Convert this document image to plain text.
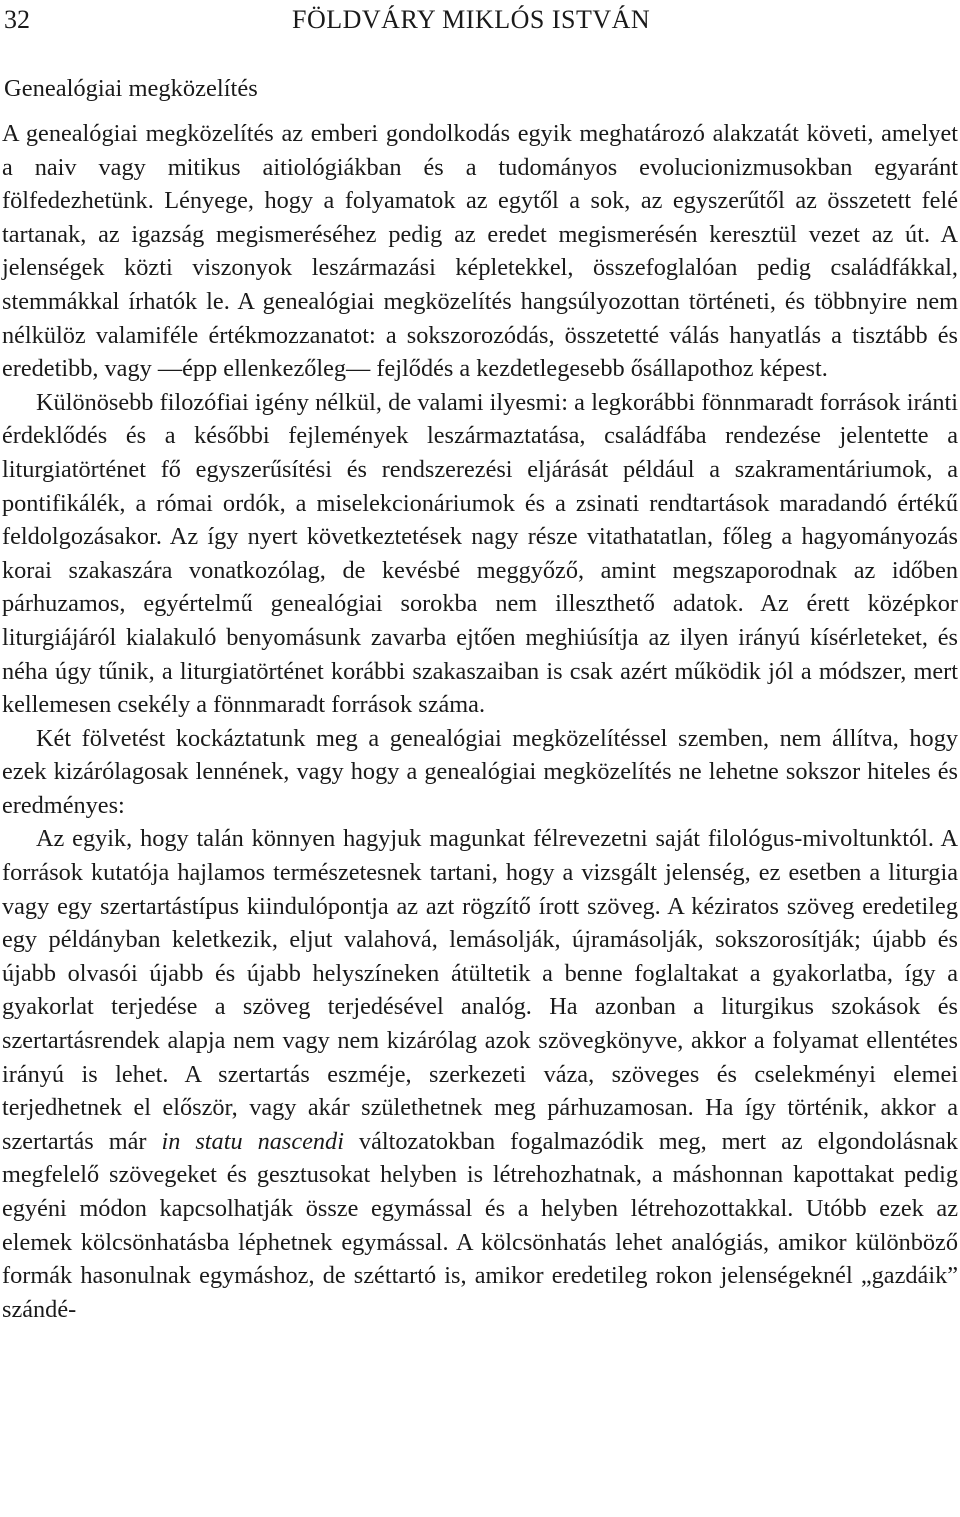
32	FÖLDVÁRY MIKLÓS ISTVÁN
Genealógiai megközelítés

A genealógiai megközelítés az emberi gondolkodás egyik meghatározó alakzatát követi, amelyet a naiv vagy mitikus aitiológiákban és a tudományos evolucionizmusokban egyaránt fölfedezhetünk. Lényege, hogy a folyamatok az egytől a sok, az egyszerűtől az összetett felé tartanak, az igazság megismeréséhez pedig az eredet megismerésén keresztül vezet az út. A jelenségek közti viszonyok leszármazási képletekkel, összefoglalóan pedig családfákkal, stemmákkal írhatók le. A genealógiai megközelítés hangsúlyozottan történeti, és többnyire nem nélkülöz valamiféle értékmozzanatot: a sokszorozódás, összetetté válás hanyatlás a tisztább és eredetibb, vagy —épp ellenkezőleg— fejlődés a kezdetlegesebb ősállapothoz képest.

Különösebb filozófiai igény nélkül, de valami ilyesmi: a legkorábbi fönnmaradt források iránti érdeklődés és a későbbi fejlemények leszármaztatása, családfába rendezése jelentette a liturgiatörténet fő egyszerűsítési és rendszerezési eljárását például a szakramentáriumok, a pontifikálék, a római ordók, a miselekcionáriumok és a zsinati rendtartások maradandó értékű feldolgozásakor. Az így nyert következtetések nagy része vitathatatlan, főleg a hagyományozás korai szakaszára vonatkozólag, de kevésbé meggyőző, amint megszaporodnak az időben párhuzamos, egyértelmű genealógiai sorokba nem illeszthető adatok. Az érett középkor liturgiájáról kialakuló benyomásunk zavarba ejtően meghiúsítja az ilyen irányú kísérleteket, és néha úgy tűnik, a liturgiatörténet korábbi szakaszaiban is csak azért működik jól a módszer, mert kellemesen csekély a fönnmaradt források száma.

Két fölvetést kockáztatunk meg a genealógiai megközelítéssel szemben, nem állítva, hogy ezek kizárólagosak lennének, vagy hogy a genealógiai megközelítés ne lehetne sokszor hiteles és eredményes:

Az egyik, hogy talán könnyen hagyjuk magunkat félrevezetni saját filológus-mivoltunktól. A források kutatója hajlamos természetesnek tartani, hogy a vizsgált jelenség, ez esetben a liturgia vagy egy szertartástípus kiindulópontja az azt rögzítő írott szöveg. A kéziratos szöveg eredetileg egy példányban keletkezik, eljut valahová, lemásolják, újramásolják, sokszorosítják; újabb és újabb olvasói újabb és újabb helyszíneken átültetik a benne foglaltakat a gyakorlatba, így a gyakorlat terjedése a szöveg terjedésével analóg. Ha azonban a liturgikus szokások és szertartásrendek alapja nem vagy nem kizárólag azok szövegkönyve, akkor a folyamat ellentétes irányú is lehet. A szertartás eszméje, szerkezeti váza, szöveges és cselekményi elemei terjedhetnek el először, vagy akár születhetnek meg párhuzamosan. Ha így történik, akkor a szertartás már in statu nascendi változatokban fogalmazódik meg, mert az elgondolásnak megfelelő szövegeket és gesztusokat helyben is létrehozhatnak, a máshonnan kapottakat pedig egyéni módon kapcsolhatják össze egymással és a helyben létrehozottakkal. Utóbb ezek az elemek kölcsönhatásba léphetnek egymással. A kölcsönhatás lehet analógiás, amikor különböző formák hasonulnak egymáshoz, de széttartó is, amikor eredetileg rokon jelenségeknél „gazdáik” szándé-
